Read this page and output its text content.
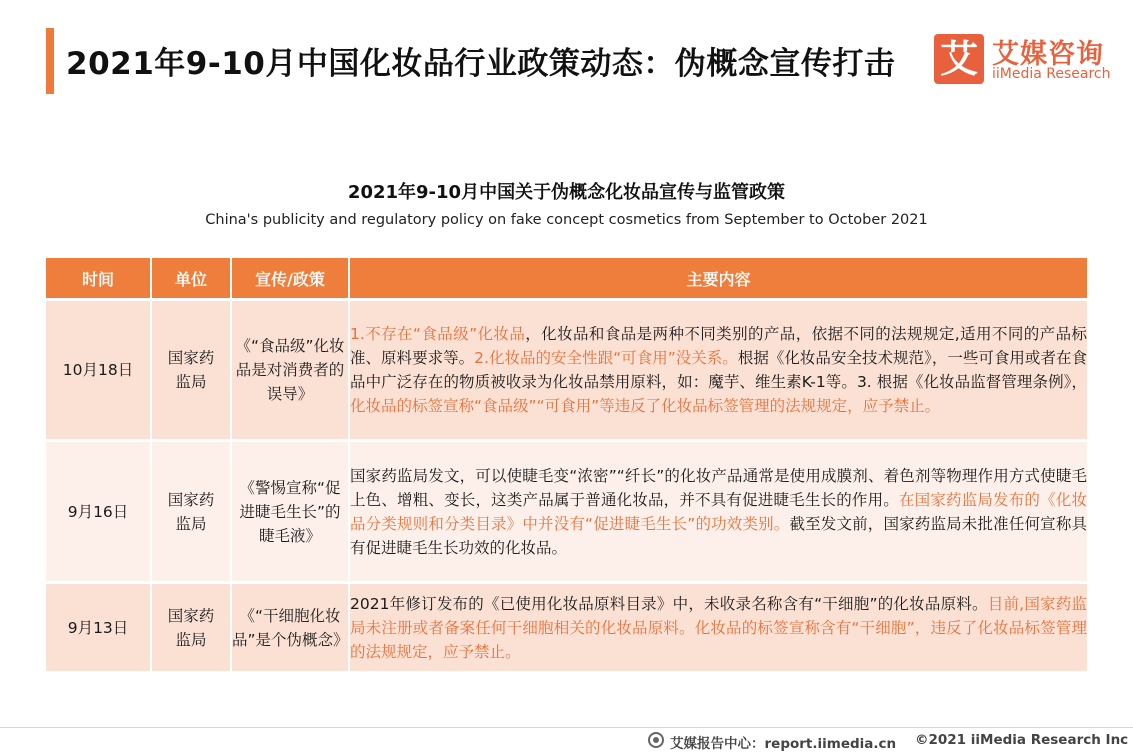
2021年9-10月中国化妆品行业政策动态：伪概念宣传打击 艾 艾媒咨询
iiMedia Research
2021年9-10月中国关于伪概念化妆品宣传与监管政策
China's publicity and regulatory policy on fake concept cosmetics from September to October 2021
时间	单位	宣传/政策	主要内容
10月18日	国家药监局	《“食品级”化妆品是对消费者的误导》	1.不存在“食品级”化妆品，化妆品和食品是两种不同类别的产品，依据不同的法规规定,适用不同的产品标准、原料要求等。2.化妆品的安全性跟“可食用”没关系。根据《化妆品安全技术规范》，一些可食用或者在食品中广泛存在的物质被收录为化妆品禁用原料，如：魔芋、维生素K-1等。3. 根据《化妆品监督管理条例》，化妆品的标签宣称“食品级”“可食用”等违反了化妆品标签管理的法规规定，应予禁止。
9月16日	国家药监局	《警惕宣称“促进睫毛生长”的睫毛液》	国家药监局发文，可以使睫毛变“浓密”“纤长”的化妆产品通常是使用成膜剂、着色剂等物理作用方式使睫毛上色、增粗、变长，这类产品属于普通化妆品，并不具有促进睫毛生长的作用。在国家药监局发布的《化妆品分类规则和分类目录》中并没有“促进睫毛生长”的功效类别。截至发文前，国家药监局未批准任何宣称具有促进睫毛生长功效的化妆品。
9月13日	国家药监局	《“干细胞化妆品”是个伪概念》	2021年修订发布的《已使用化妆品原料目录》中，未收录名称含有“干细胞”的化妆品原料。目前,国家药监局未注册或者备案任何干细胞相关的化妆品原料。化妆品的标签宣称含有“干细胞”，违反了化妆品标签管理的法规规定，应予禁止。
艾媒报告中心：report.iimedia.cn ©2021 iiMedia Research Inc
